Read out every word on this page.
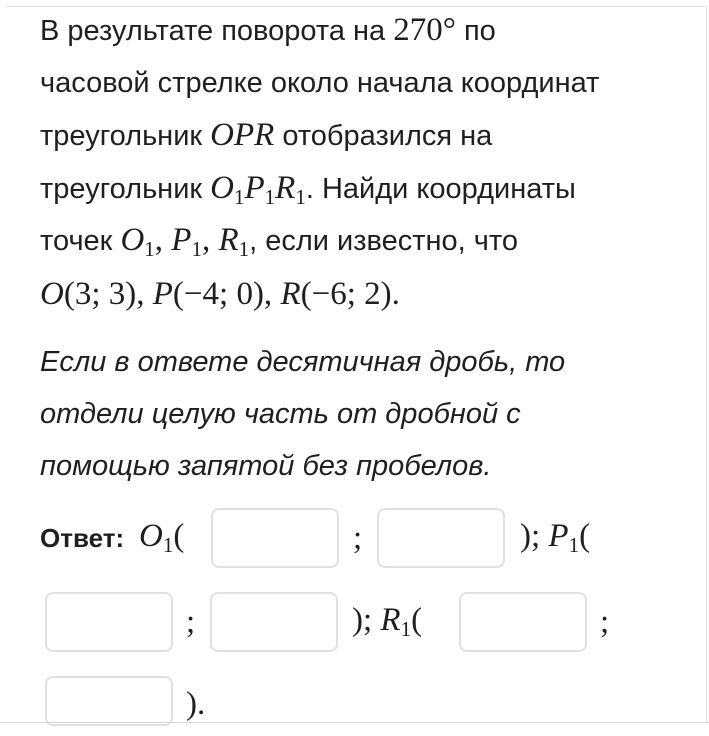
В результате поворота на 270° по
часовой стрелке около начала координат
треугольник OPR отобразился на
треугольник $O_1P_1R_1$. Найди координаты
точек $O_1$, $P_1$, $R_1$, если известно, что
O(3; 3), P(−4; 0), R(−6; 2).
Если в ответе десятичная дробь, то
отдели целую часть от дробной с
помощью запятой без пробелов.
Ответ: $O_1$(	;	); $P_1$(
;	); $R_1$(	;
).
